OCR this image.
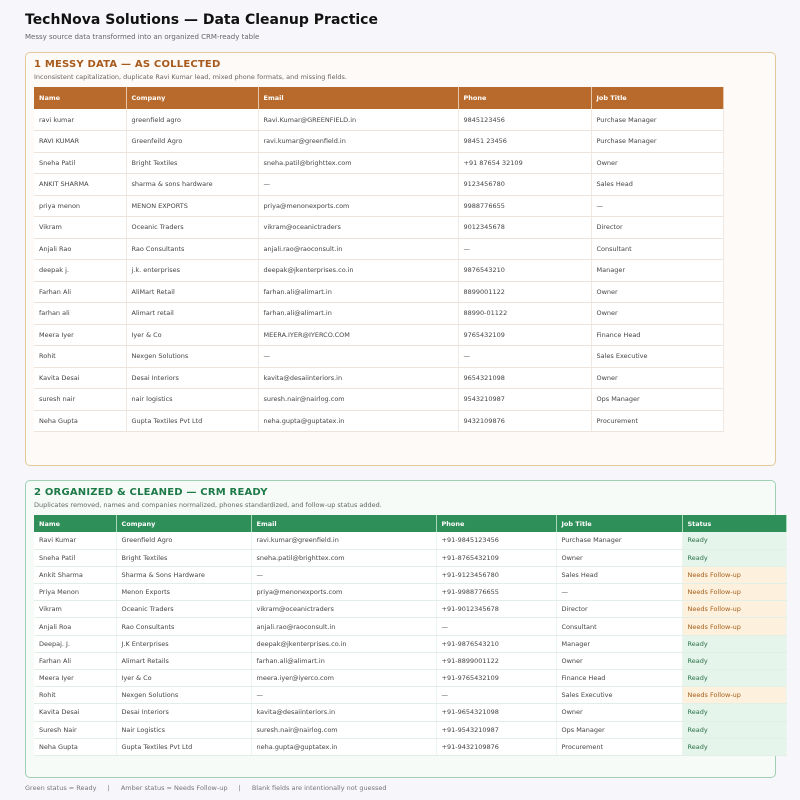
TechNova Solutions — Data Cleanup Practice
Messy source data transformed into an organized CRM-ready table
1 MESSY DATA — AS COLLECTED
Inconsistent capitalization, duplicate Ravi Kumar lead, mixed phone formats, and missing fields.
Name	Company	Email	Phone	Job Title
ravi kumar	greenfield agro	Ravi.Kumar@GREENFIELD.in	9845123456	Purchase Manager
RAVI KUMAR	Greenfeild Agro	ravi.kumar@greenfield.in	98451 23456	Purchase Manager
Sneha Patil	Bright Textiles	sneha.patil@brighttex.com	+91 87654 32109	Owner
ANKIT SHARMA	sharma & sons hardware	—	9123456780	Sales Head
priya menon	MENON EXPORTS	priya@menonexports.com	9988776655	—
Vikram	Oceanic Traders	vikram@oceanictraders	9012345678	Director
Anjali Rao	Rao Consultants	anjali.rao@raoconsult.in	—	Consultant
deepak j.	j.k. enterprises	deepak@jkenterprises.co.in	9876543210	Manager
Farhan Ali	AliMart Retail	farhan.ali@alimart.in	8899001122	Owner
farhan ali	Alimart retail	farhan.ali@alimart.in	88990-01122	Owner
Meera Iyer	Iyer & Co	MEERA.IYER@IYERCO.COM	9765432109	Finance Head
Rohit	Nexgen Solutions	—	—	Sales Executive
Kavita Desai	Desai Interiors	kavita@desaiinteriors.in	9654321098	Owner
suresh nair	nair logistics	suresh.nair@nairlog.com	9543210987	Ops Manager
Neha Gupta	Gupta Textiles Pvt Ltd	neha.gupta@guptatex.in	9432109876	Procurement
2 ORGANIZED & CLEANED — CRM READY
Duplicates removed, names and companies normalized, phones standardized, and follow-up status added.
Name	Company	Email	Phone	Job Title	Status
Ravi Kumar	Greenfield Agro	ravi.kumar@greenfield.in	+91-9845123456	Purchase Manager	Ready
Sneha Patil	Bright Textiles	sneha.patil@brighttex.com	+91-8765432109	Owner	Ready
Ankit Sharma	Sharma & Sons Hardware	—	+91-9123456780	Sales Head	Needs Follow-up
Priya Menon	Menon Exports	priya@menonexports.com	+91-9988776655	—	Needs Follow-up
Vikram	Oceanic Traders	vikram@oceanictraders	+91-9012345678	Director	Needs Follow-up
Anjali Roa	Rao Consultants	anjali.rao@raoconsult.in	—	Consultant	Needs Follow-up
Deepaj. J.	J.K Enterprises	deepak@jkenterprises.co.in	+91-9876543210	Manager	Ready
Farhan Ali	Alimart Retails	farhan.ali@alimart.in	+91-8899001122	Owner	Ready
Meera Iyer	Iyer & Co	meera.iyer@iyerco.com	+91-9765432109	Finance Head	Ready
Rohit	Nexgen Solutions	—	—	Sales Executive	Needs Follow-up
Kavita Desai	Desai Interiors	kavita@desaiinteriors.in	+91-9654321098	Owner	Ready
Suresh Nair	Nair Logistics	suresh.nair@nairlog.com	+91-9543210987	Ops Manager	Ready
Neha Gupta	Gupta Textiles Pvt Ltd	neha.gupta@guptatex.in	+91-9432109876	Procurement	Ready
Green status = Ready | Amber status = Needs Follow-up | Blank fields are intentionally not guessed
